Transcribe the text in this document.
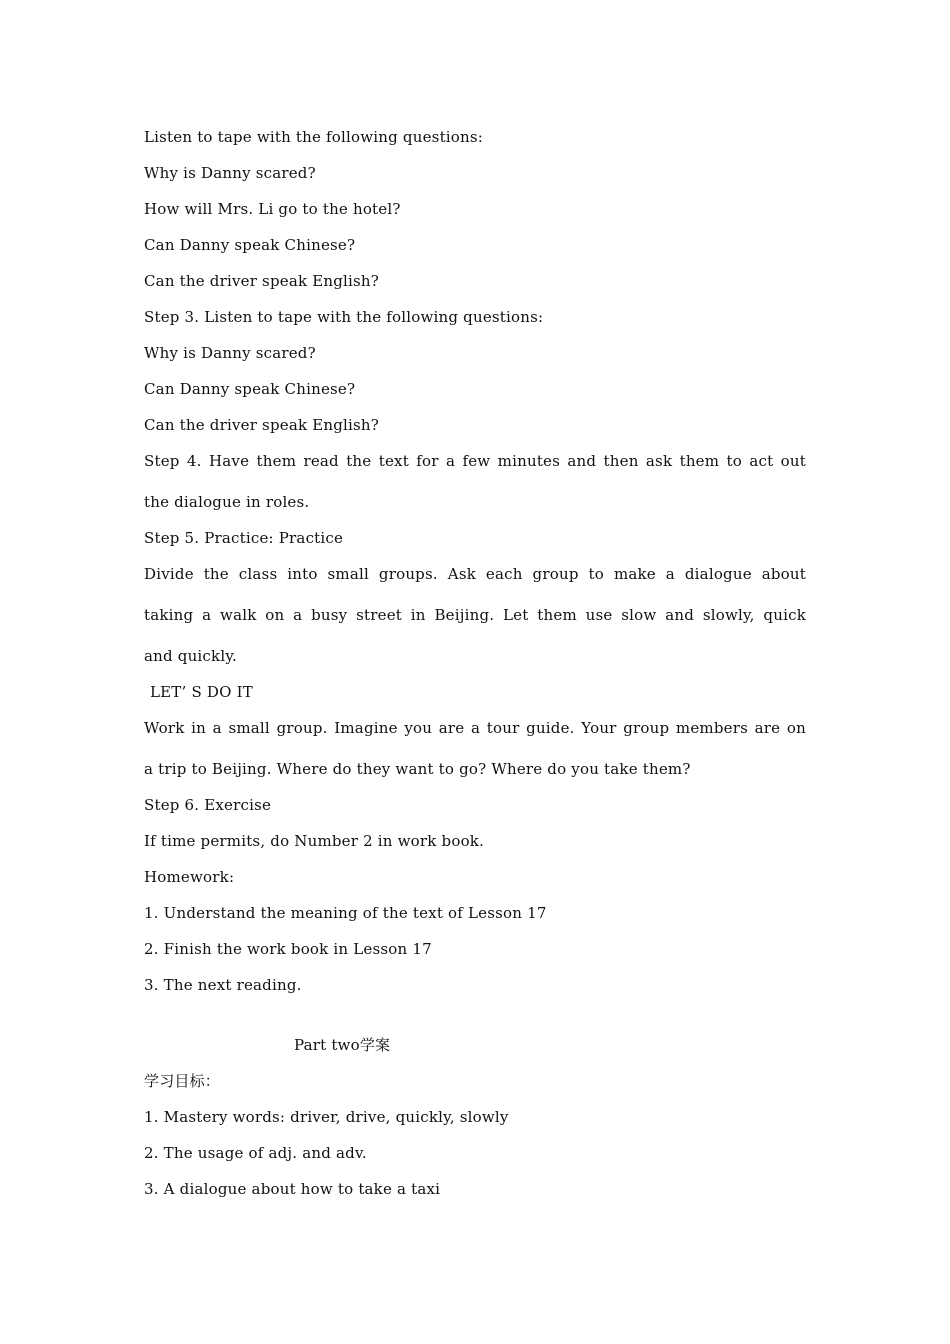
Listen to tape with the following questions:
Why is Danny scared?
How will Mrs. Li go to the hotel?
Can Danny speak Chinese?
Can the driver speak English?
Step 3. Listen to tape with the following questions:
Why is Danny scared?
Can Danny speak Chinese?
Can the driver speak English?
Step 4. Have them read the text for a few minutes and then ask them to act out
the dialogue in roles.
Step 5. Practice: Practice
Divide the class into small groups. Ask each group to make a dialogue about
taking a walk on a busy street in Beijing. Let them use slow and slowly, quick
and quickly.
LET’ S DO IT
Work in a small group. Imagine you are a tour guide. Your group members are on
a trip to Beijing. Where do they want to go? Where do you take them?
Step 6. Exercise
If time permits, do Number 2 in work book.
Homework:
1. Understand the meaning of the text of Lesson 17
2. Finish the work book in Lesson 17
3. The next reading.
Part two学案
学习目标：
1. Mastery words: driver, drive, quickly, slowly
2. The usage of adj. and adv.
3. A dialogue about how to take a taxi
